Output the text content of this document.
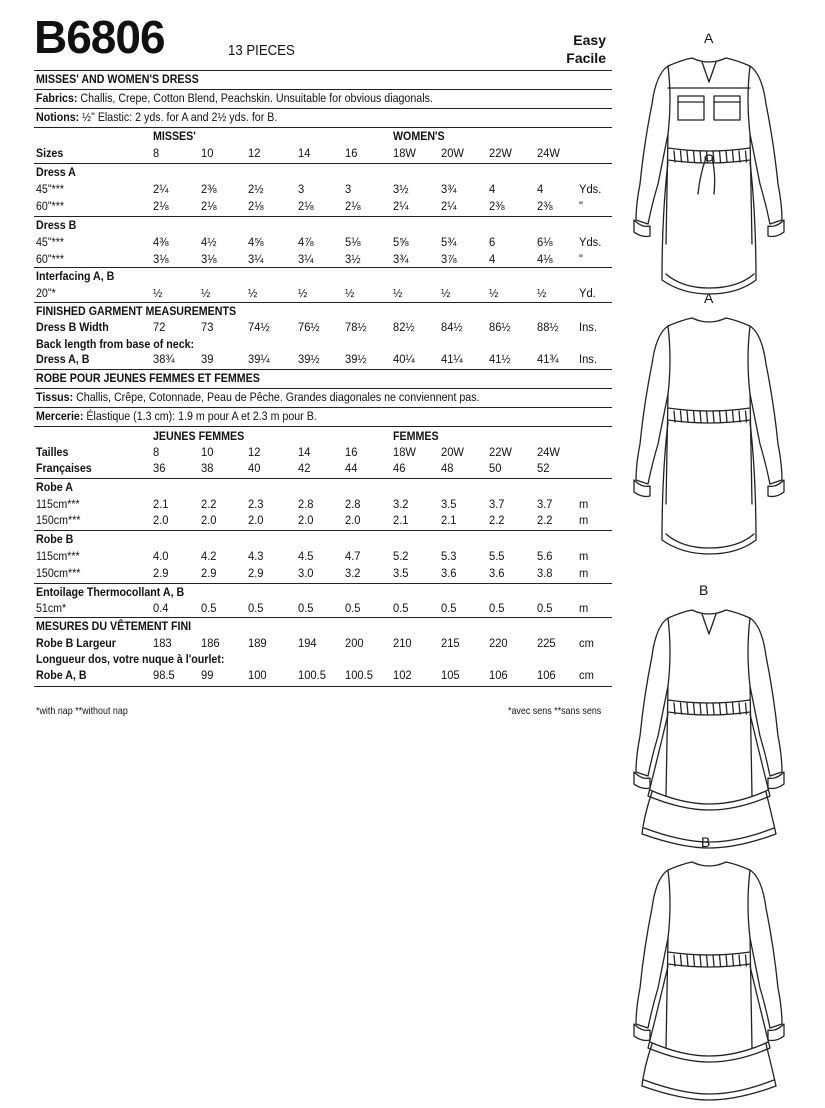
B6806	13 PIECES
Easy
Facile
MISSES' AND WOMEN'S DRESS
Fabrics: Challis, Crepe, Cotton Blend, Peachskin. Unsuitable for obvious diagonals.
Notions: ½" Elastic: 2 yds. for A and 2½ yds. for B.
MISSES'	WOMEN'S
Sizes	8	10	12	14	16	18W 20W 22W 24W
Dress A
45"***	2¼	2⅜	2½	3	3	3½	3¾	4	4	Yds.
60"***	2⅛	2⅛	2⅛	2⅛	2⅛	2¼	2¼	2⅜	2⅜ "
Dress B
45"***	4⅜	4½	4⅝	4⅞	5⅛	5⅝	5¾	6	6⅛ Yds.
60"***	3⅛	3⅛	3¼	3¼	3½	3¾	3⅞	4	4⅛ "
Interfacing A, B
20"*	½	½	½	½	½	½	½	½	½	Yd.
FINISHED GARMENT MEASUREMENTS
Dress B Width	72	73	74½ 76½ 78½ 82½ 84½ 86½ 88½ Ins.
Back length from base of neck:
Dress A, B	38¾ 39	39¼ 39½ 39½ 40¼ 41¼ 41½ 41¾ Ins.
ROBE POUR JEUNES FEMMES ET FEMMES
Tissus: Challis, Crêpe, Cotonnade, Peau de Pêche. Grandes diagonales ne conviennent pas.
Mercerie: Élastique (1.3 cm): 1.9 m pour A et 2.3 m pour B.
JEUNES FEMMES	FEMMES
Tailles	8	10	12	14	16	18W 20W 22W 24W
Françaises	36	38	40	42	44	46	48	50	52
Robe A
115cm***	2.1	2.2	2.3	2.8	2.8	3.2	3.5	3.7	3.7 m
150cm***	2.0	2.0	2.0	2.0	2.0	2.1	2.1	2.2	2.2 m
Robe B
115cm***	4.0	4.2	4.3	4.5	4.7	5.2	5.3	5.5	5.6 m
150cm***	2.9	2.9	2.9	3.0	3.2	3.5	3.6	3.6	3.8 m
Entoilage Thermocollant A, B
51cm*	0.4	0.5	0.5	0.5	0.5	0.5	0.5	0.5	0.5 m
MESURES DU VÊTEMENT FINI
Robe B Largeur	183 186 189	194 200 210 215 220 225 cm
Longueur dos, votre nuque à l'ourlet:
Robe A, B	98.5 99	100	100.5 100.5 102 105 106 106 cm
*with nap **without nap	*avec sens **sans sens
A
A
B
B
